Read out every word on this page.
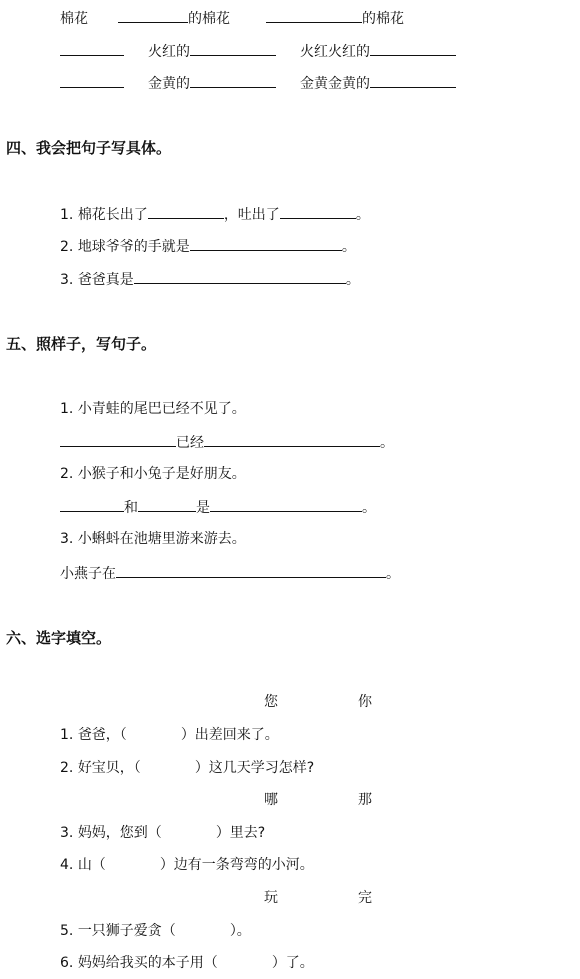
棉花	的棉花	的棉花
火红的	火红火红的
金黄的	金黄金黄的
四、我会把句子写具体。
1. 棉花长出了	，吐出了	。
2. 地球爷爷的手就是	。
3. 爸爸真是	。
五、照样子，写句子。
1. 小青蛙的尾巴已经不见了。
已经	。
2. 小猴子和小兔子是好朋友。
和	是	。
3. 小蝌蚪在池塘里游来游去。
小燕子在	。
六、选字填空。
您	你
1. 爸爸，（	）出差回来了。
2. 好宝贝，（	）这几天学习怎样?
哪	那
3. 妈妈，您到（	）里去?
4. 山（	）边有一条弯弯的小河。
玩	完
5. 一只狮子爱贪（	）。
6. 妈妈给我买的本子用（	）了。
